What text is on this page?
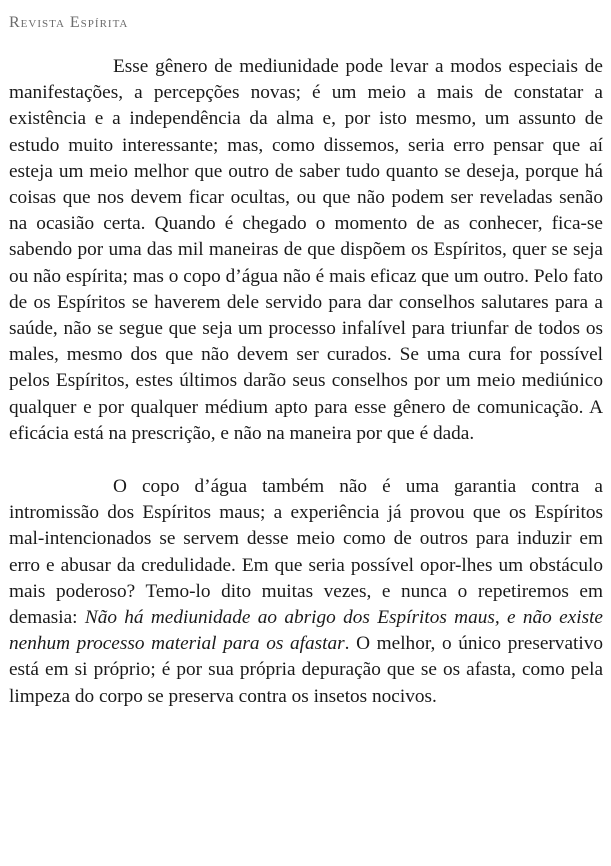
Revista Espírita

Esse gênero de mediunidade pode levar a modos especiais de manifestações, a percepções novas; é um meio a mais de constatar a existência e a independência da alma e, por isto mesmo, um assunto de estudo muito interessante; mas, como dissemos, seria erro pensar que aí esteja um meio melhor que outro de saber tudo quanto se deseja, porque há coisas que nos devem ficar ocultas, ou que não podem ser reveladas senão na ocasião certa. Quando é chegado o momento de as conhecer, fica-se sabendo por uma das mil maneiras de que dispõem os Espíritos, quer se seja ou não espírita; mas o copo d’água não é mais eficaz que um outro. Pelo fato de os Espíritos se haverem dele servido para dar conselhos salutares para a saúde, não se segue que seja um processo infalível para triunfar de todos os males, mesmo dos que não devem ser curados. Se uma cura for possível pelos Espíritos, estes últimos darão seus conselhos por um meio mediúnico qualquer e por qualquer médium apto para esse gênero de comunicação. A eficácia está na prescrição, e não na maneira por que é dada.

O copo d’água também não é uma garantia contra a intromissão dos Espíritos maus; a experiência já provou que os Espíritos mal-intencionados se servem desse meio como de outros para induzir em erro e abusar da credulidade. Em que seria possível opor-lhes um obstáculo mais poderoso? Temo-lo dito muitas vezes, e nunca o repetiremos em demasia: Não há mediunidade ao abrigo dos Espíritos maus, e não existe nenhum processo material para os afastar. O melhor, o único preservativo está em si próprio; é por sua própria depuração que se os afasta, como pela limpeza do corpo se preserva contra os insetos nocivos.
